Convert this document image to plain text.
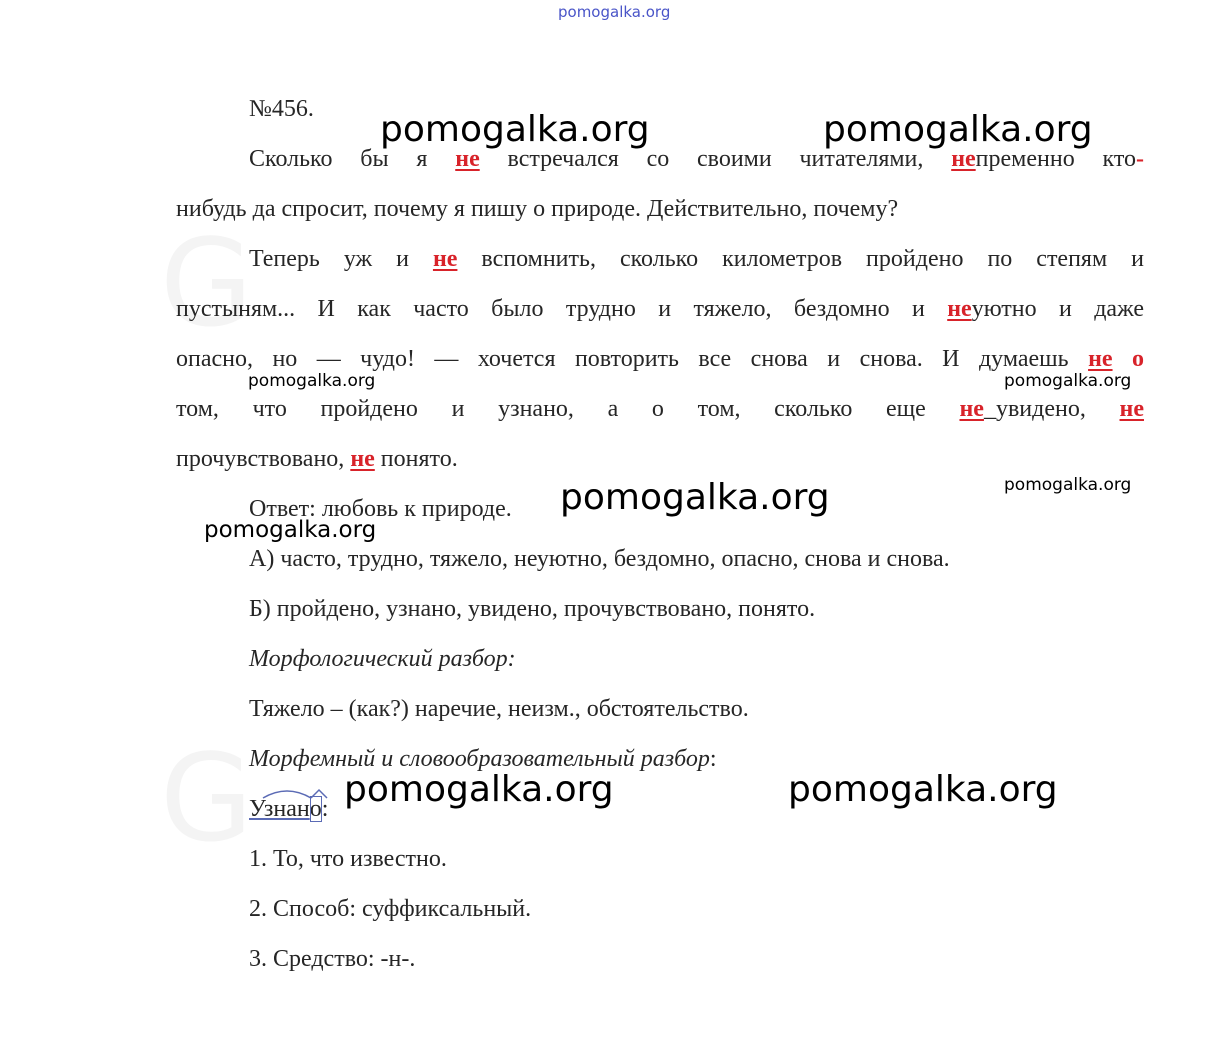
G
G
pomogalka.org
№456.
Сколько бы я не встречался со своими читателями, непременно кто-
нибудь да спросит, почему я пишу о природе. Действительно, почему?
Теперь уж и не вспомнить, сколько километров пройдено по степям и
пустыням... И как часто было трудно и тяжело, бездомно и неуютно и даже
опасно, но — чудо! — хочется повторить все снова и снова. И думаешь не о
том, что пройдено и узнано, а о том, сколько еще не_увидено, не
прочувствовано, не понято.
Ответ: любовь к природе.
А) часто, трудно, тяжело, неуютно, бездомно, опасно, снова и снова.
Б) пройдено, узнано, увидено, прочувствовано, понято.
Морфологический разбор:
Тяжело – (как?) наречие, неизм., обстоятельство.
Морфемный и словообразовательный разбор:
Узнано:
1. То, что известно.
2. Способ: суффиксальный.
3. Средство: -н-.
pomogalka.org	pomogalka.org
pomogalka.org	pomogalka.org
pomogalka.org
pomogalka.org
pomogalka.org
pomogalka.org	pomogalka.org
